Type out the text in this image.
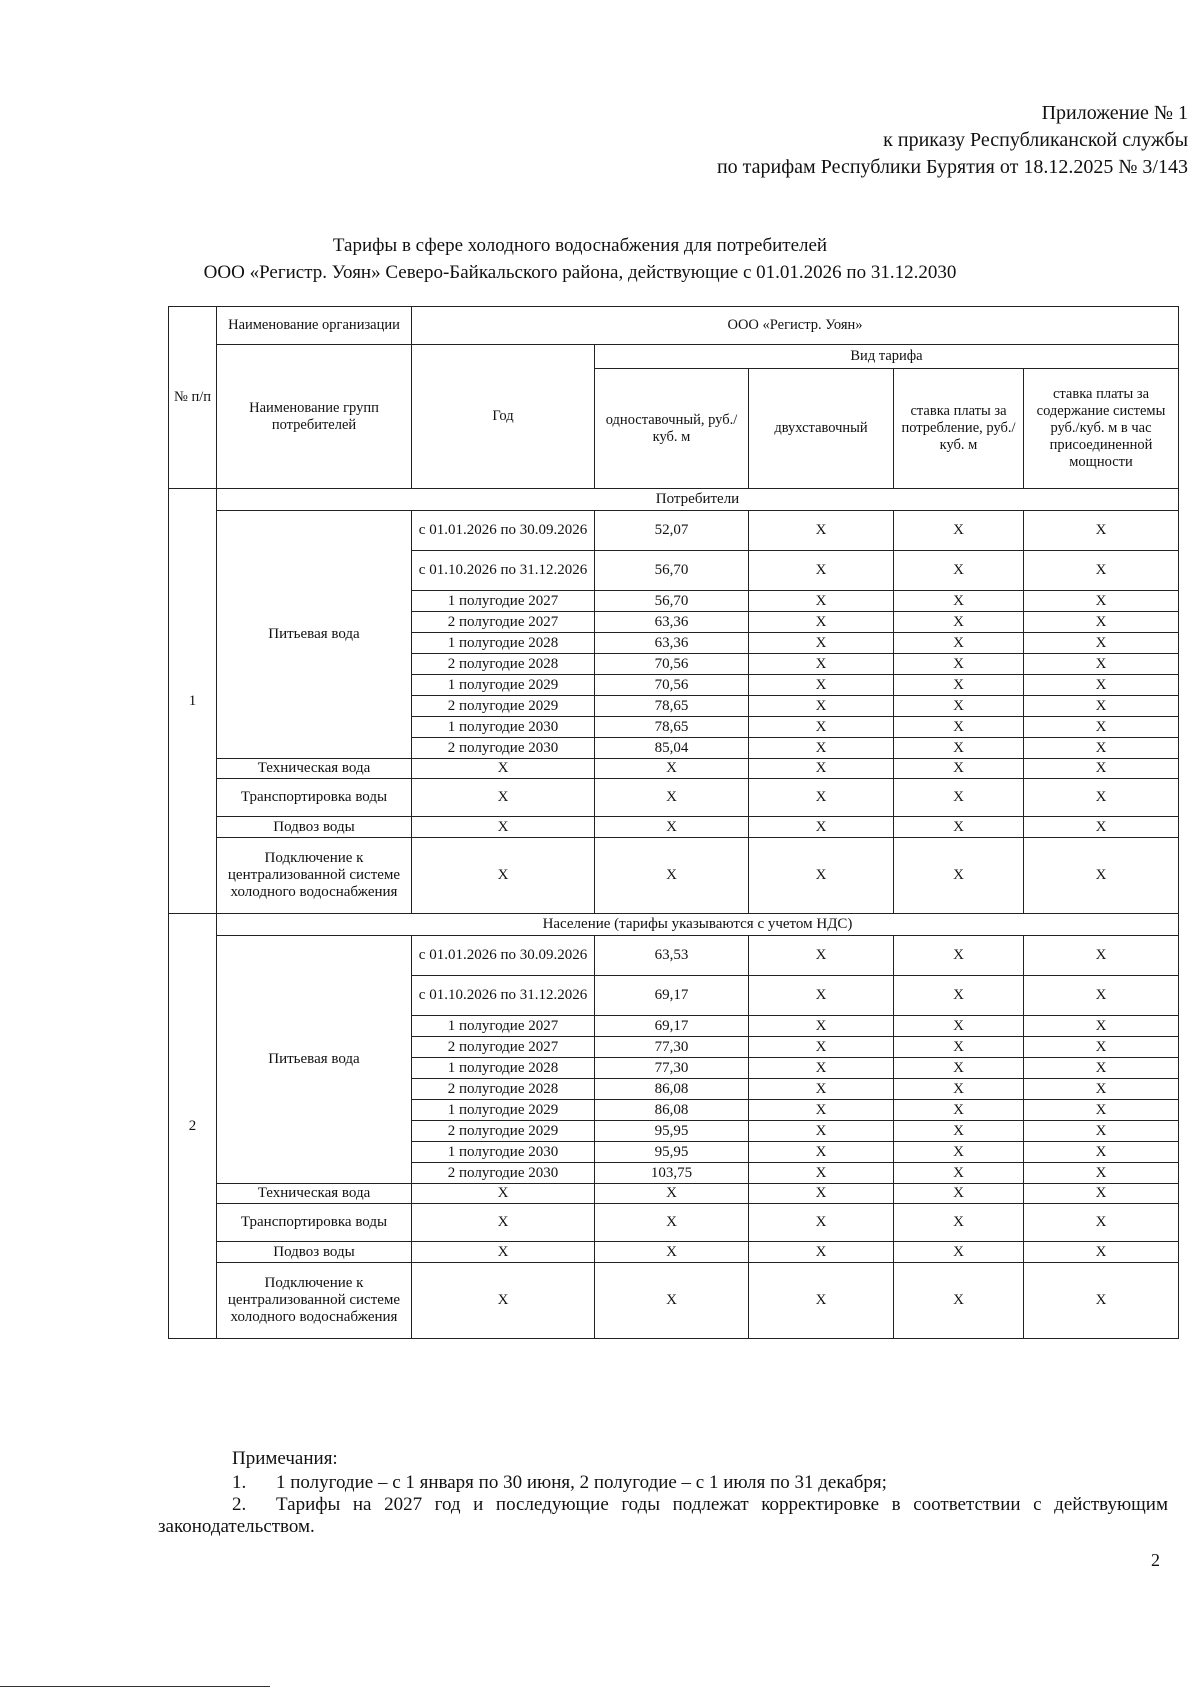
Приложение № 1
к приказу Республиканской службы
по тарифам Республики Бурятия от 18.12.2025 № 3/143
Тарифы в сфере холодного водоснабжения для потребителей
ООО «Регистр. Уоян» Северо-Байкальского района, действующие с 01.01.2026 по 31.12.2030
№ п/п	Наименование организации	ООО «Регистр. Уоян»				
	Наименование групп потребителей	Год	Вид тарифа			
			одноставочный, руб./ куб. м	двухставочный	ставка платы за потребление, руб./ куб. м	ставка платы за содержание системы руб./куб. м в час присоединенной мощности
1	Потребители					
	Питьевая вода	с 01.01.2026 по 30.09.2026	52,07	Х	Х	Х
		с 01.10.2026 по 31.12.2026	56,70	Х	Х	Х
		1 полугодие 2027	56,70	Х	Х	Х
		2 полугодие 2027	63,36	Х	Х	Х
		1 полугодие 2028	63,36	Х	Х	Х
		2 полугодие 2028	70,56	Х	Х	Х
		1 полугодие 2029	70,56	Х	Х	Х
		2 полугодие 2029	78,65	Х	Х	Х
		1 полугодие 2030	78,65	Х	Х	Х
		2 полугодие 2030	85,04	Х	Х	Х
	Техническая вода	Х	Х	Х	Х	Х
	Транспортировка воды	Х	Х	Х	Х	Х
	Подвоз воды	Х	Х	Х	Х	Х
	Подключение к централизованной системе холодного водоснабжения	Х	Х	Х	Х	Х
2	Население (тарифы указываются с учетом НДС)					
	Питьевая вода	с 01.01.2026 по 30.09.2026	63,53	Х	Х	Х
		с 01.10.2026 по 31.12.2026	69,17	Х	Х	Х
		1 полугодие 2027	69,17	Х	Х	Х
		2 полугодие 2027	77,30	Х	Х	Х
		1 полугодие 2028	77,30	Х	Х	Х
		2 полугодие 2028	86,08	Х	Х	Х
		1 полугодие 2029	86,08	Х	Х	Х
		2 полугодие 2029	95,95	Х	Х	Х
		1 полугодие 2030	95,95	Х	Х	Х
		2 полугодие 2030	103,75	Х	Х	Х
	Техническая вода	Х	Х	Х	Х	Х
	Транспортировка воды	Х	Х	Х	Х	Х
	Подвоз воды	Х	Х	Х	Х	Х
	Подключение к централизованной системе холодного водоснабжения	Х	Х	Х	Х	Х
Примечания:
1. 1 полугодие – с 1 января по 30 июня, 2 полугодие – с 1 июля по 31 декабря;
2. Тарифы на 2027 год и последующие годы подлежат корректировке в соответствии с действующим законодательством.
2
